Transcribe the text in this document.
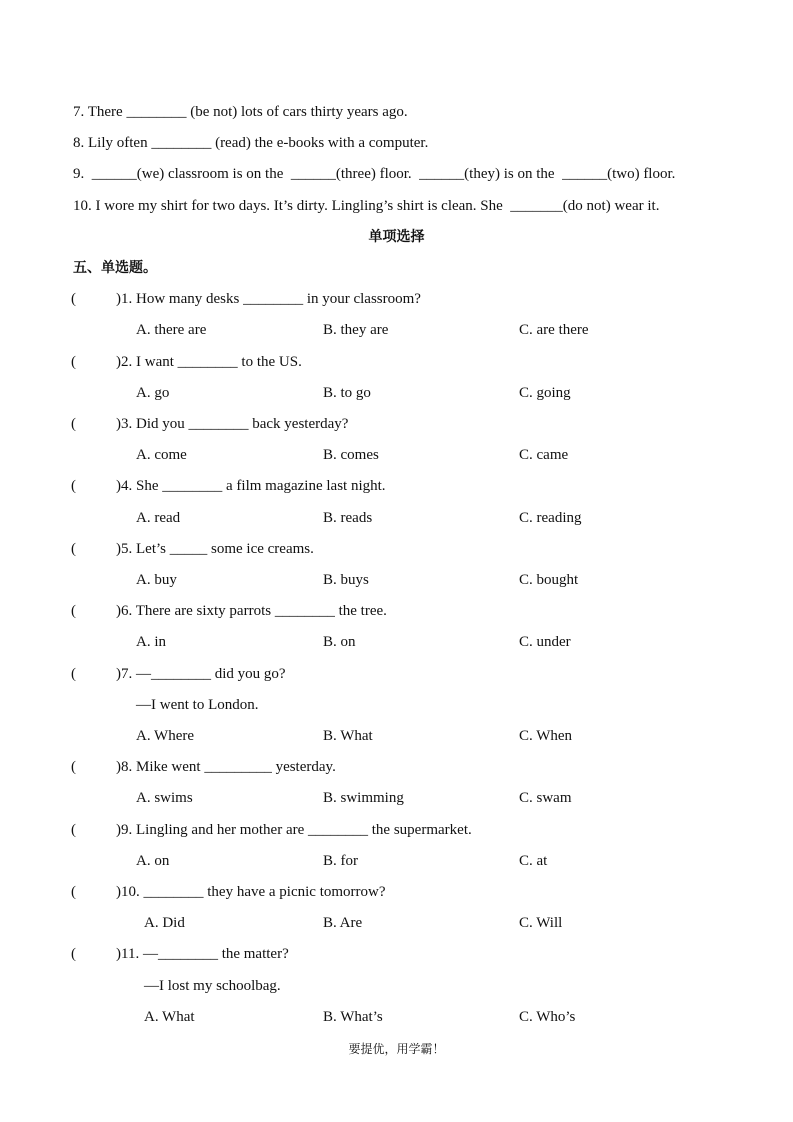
7. There ________ (be not) lots of cars thirty years ago.
8. Lily often ________ (read) the e-books with a computer.
9.  ______(we) classroom is on the  ______(three) floor.  ______(they) is on the  ______(two) floor.
10. I wore my shirt for two days. It’s dirty. Lingling’s shirt is clean. She  _______(do not) wear it.
单项选择
五、单选题。
(	)1. How many desks ________ in your classroom?
A. there are	B. they are	C. are there
(	)2. I want ________ to the US.
A. go	B. to go	C. going
(	)3. Did you ________ back yesterday?
A. come	B. comes	C. came
(	)4. She ________ a film magazine last night.
A. read	B. reads	C. reading
(	)5. Let’s _____ some ice creams.
A. buy	B. buys	C. bought
(	)6. There are sixty parrots ________ the tree.
A. in	B. on	C. under
(	)7. —________ did you go?
—I went to London.
A. Where	B. What	C. When
(	)8. Mike went _________ yesterday.
A. swims	B. swimming	C. swam
(	)9. Lingling and her mother are ________ the supermarket.
A. on	B. for	C. at
(	)10. ________ they have a picnic tomorrow?
A. Did	B. Are	C. Will
(	)11. —________ the matter?
—I lost my schoolbag.
A. What	B. What’s	C. Who’s
要提优，用学霸！
